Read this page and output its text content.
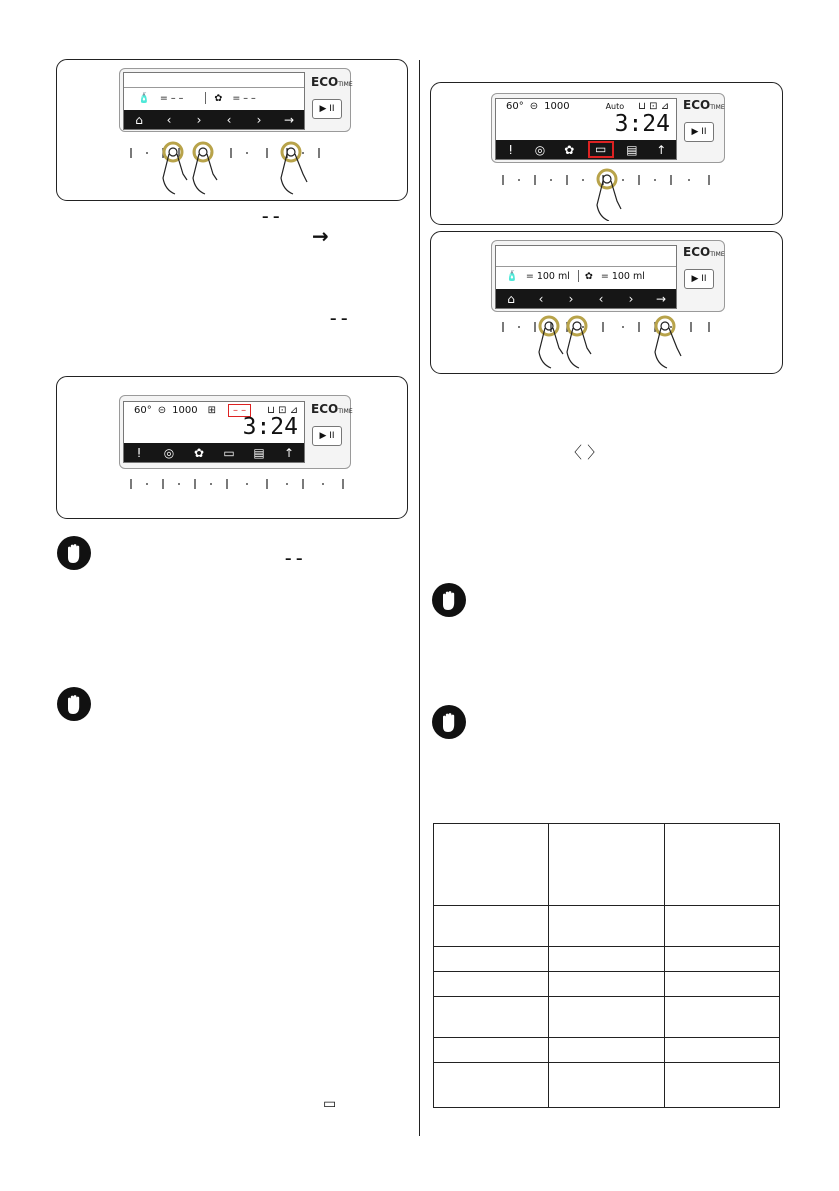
🧴 = – –	✿ = – –
⌂	‹	›	‹	›	→
ECOTIME
▶ II
– –
→
– –
60° ⊝ 1000 ⊞	– –	⊔ ⊡ ⊿
3:24
ⵑ	◎	✿	▭	▤	↑
ECOTIME
▶ II
– –
▭
60° ⊝ 1000	Auto ⊔ ⊡ ⊿
3:24
ⵑ	◎	✿	▭	▤	↑
ECOTIME
▶ II
🧴 = 100 ml ✿ = 100 ml
⌂	‹	›	‹	›	→
ECOTIME
▶ II
〈 〉
